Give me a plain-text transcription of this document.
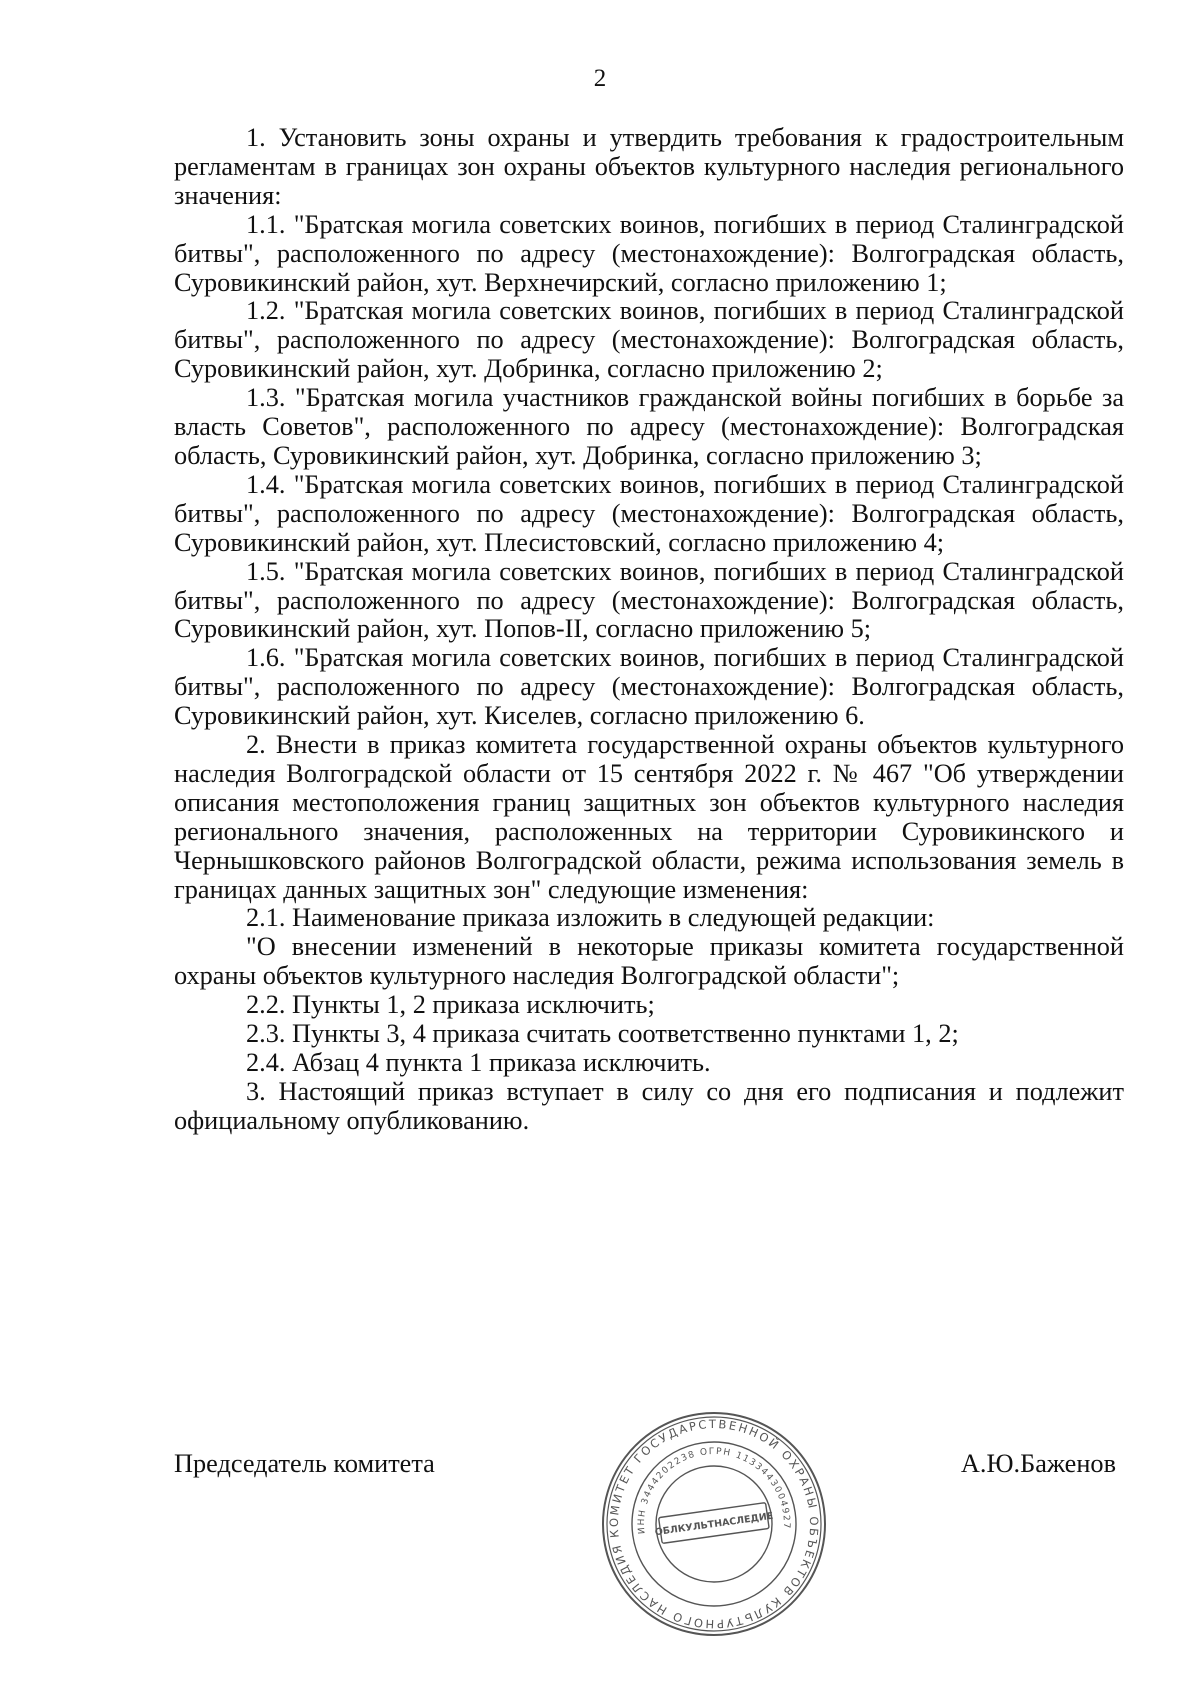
2

1. Установить зоны охраны и утвердить требования к градостроительным регламентам в границах зон охраны объектов культурного наследия регионального значения:

1.1. "Братская могила советских воинов, погибших в период Сталинградской битвы", расположенного по адресу (местонахождение): Волгоградская область, Суровикинский район, хут. Верхнечирский, согласно приложению 1;

1.2. "Братская могила советских воинов, погибших в период Сталинградской битвы", расположенного по адресу (местонахождение): Волгоградская область, Суровикинский район, хут. Добринка, согласно приложению 2;

1.3. "Братская могила участников гражданской войны погибших в борьбе за власть Советов", расположенного по адресу (местонахождение): Волгоградская область, Суровикинский район, хут. Добринка, согласно приложению 3;

1.4. "Братская могила советских воинов, погибших в период Сталинградской битвы", расположенного по адресу (местонахождение): Волгоградская область, Суровикинский район, хут. Плесистовский, согласно приложению 4;

1.5. "Братская могила советских воинов, погибших в период Сталинградской битвы", расположенного по адресу (местонахождение): Волгоградская область, Суровикинский район, хут. Попов-II, согласно приложению 5;

1.6. "Братская могила советских воинов, погибших в период Сталинградской битвы", расположенного по адресу (местонахождение): Волгоградская область, Суровикинский район, хут. Киселев, согласно приложению 6.

2. Внести в приказ комитета государственной охраны объектов культурного наследия Волгоградской области от 15 сентября 2022 г. № 467 "Об утверждении описания местоположения границ защитных зон объектов культурного наследия регионального значения, расположенных на территории Суровикинского и Чернышковского районов Волгоградской области, режима использования земель в границах данных защитных зон" следующие изменения:

2.1. Наименование приказа изложить в следующей редакции:

"О внесении изменений в некоторые приказы комитета государственной охраны объектов культурного наследия Волгоградской области";

2.2. Пункты 1, 2 приказа исключить;

2.3. Пункты 3, 4 приказа считать соответственно пунктами 1, 2;

2.4. Абзац 4 пункта 1 приказа исключить.

3. Настоящий приказ вступает в силу со дня его подписания и подлежит официальному опубликованию.

Председатель комитета	А.Ю.Баженов
КОМИТЕТ ГОСУДАРСТВЕННОЙ ОХРАНЫ ОБЪЕКТОВ КУЛЬТУРНОГО НАСЛЕДИЯ
ИНН 3444202238 ОГРН 1133443004927
ОБЛКУЛЬТНАСЛЕДИЕ
